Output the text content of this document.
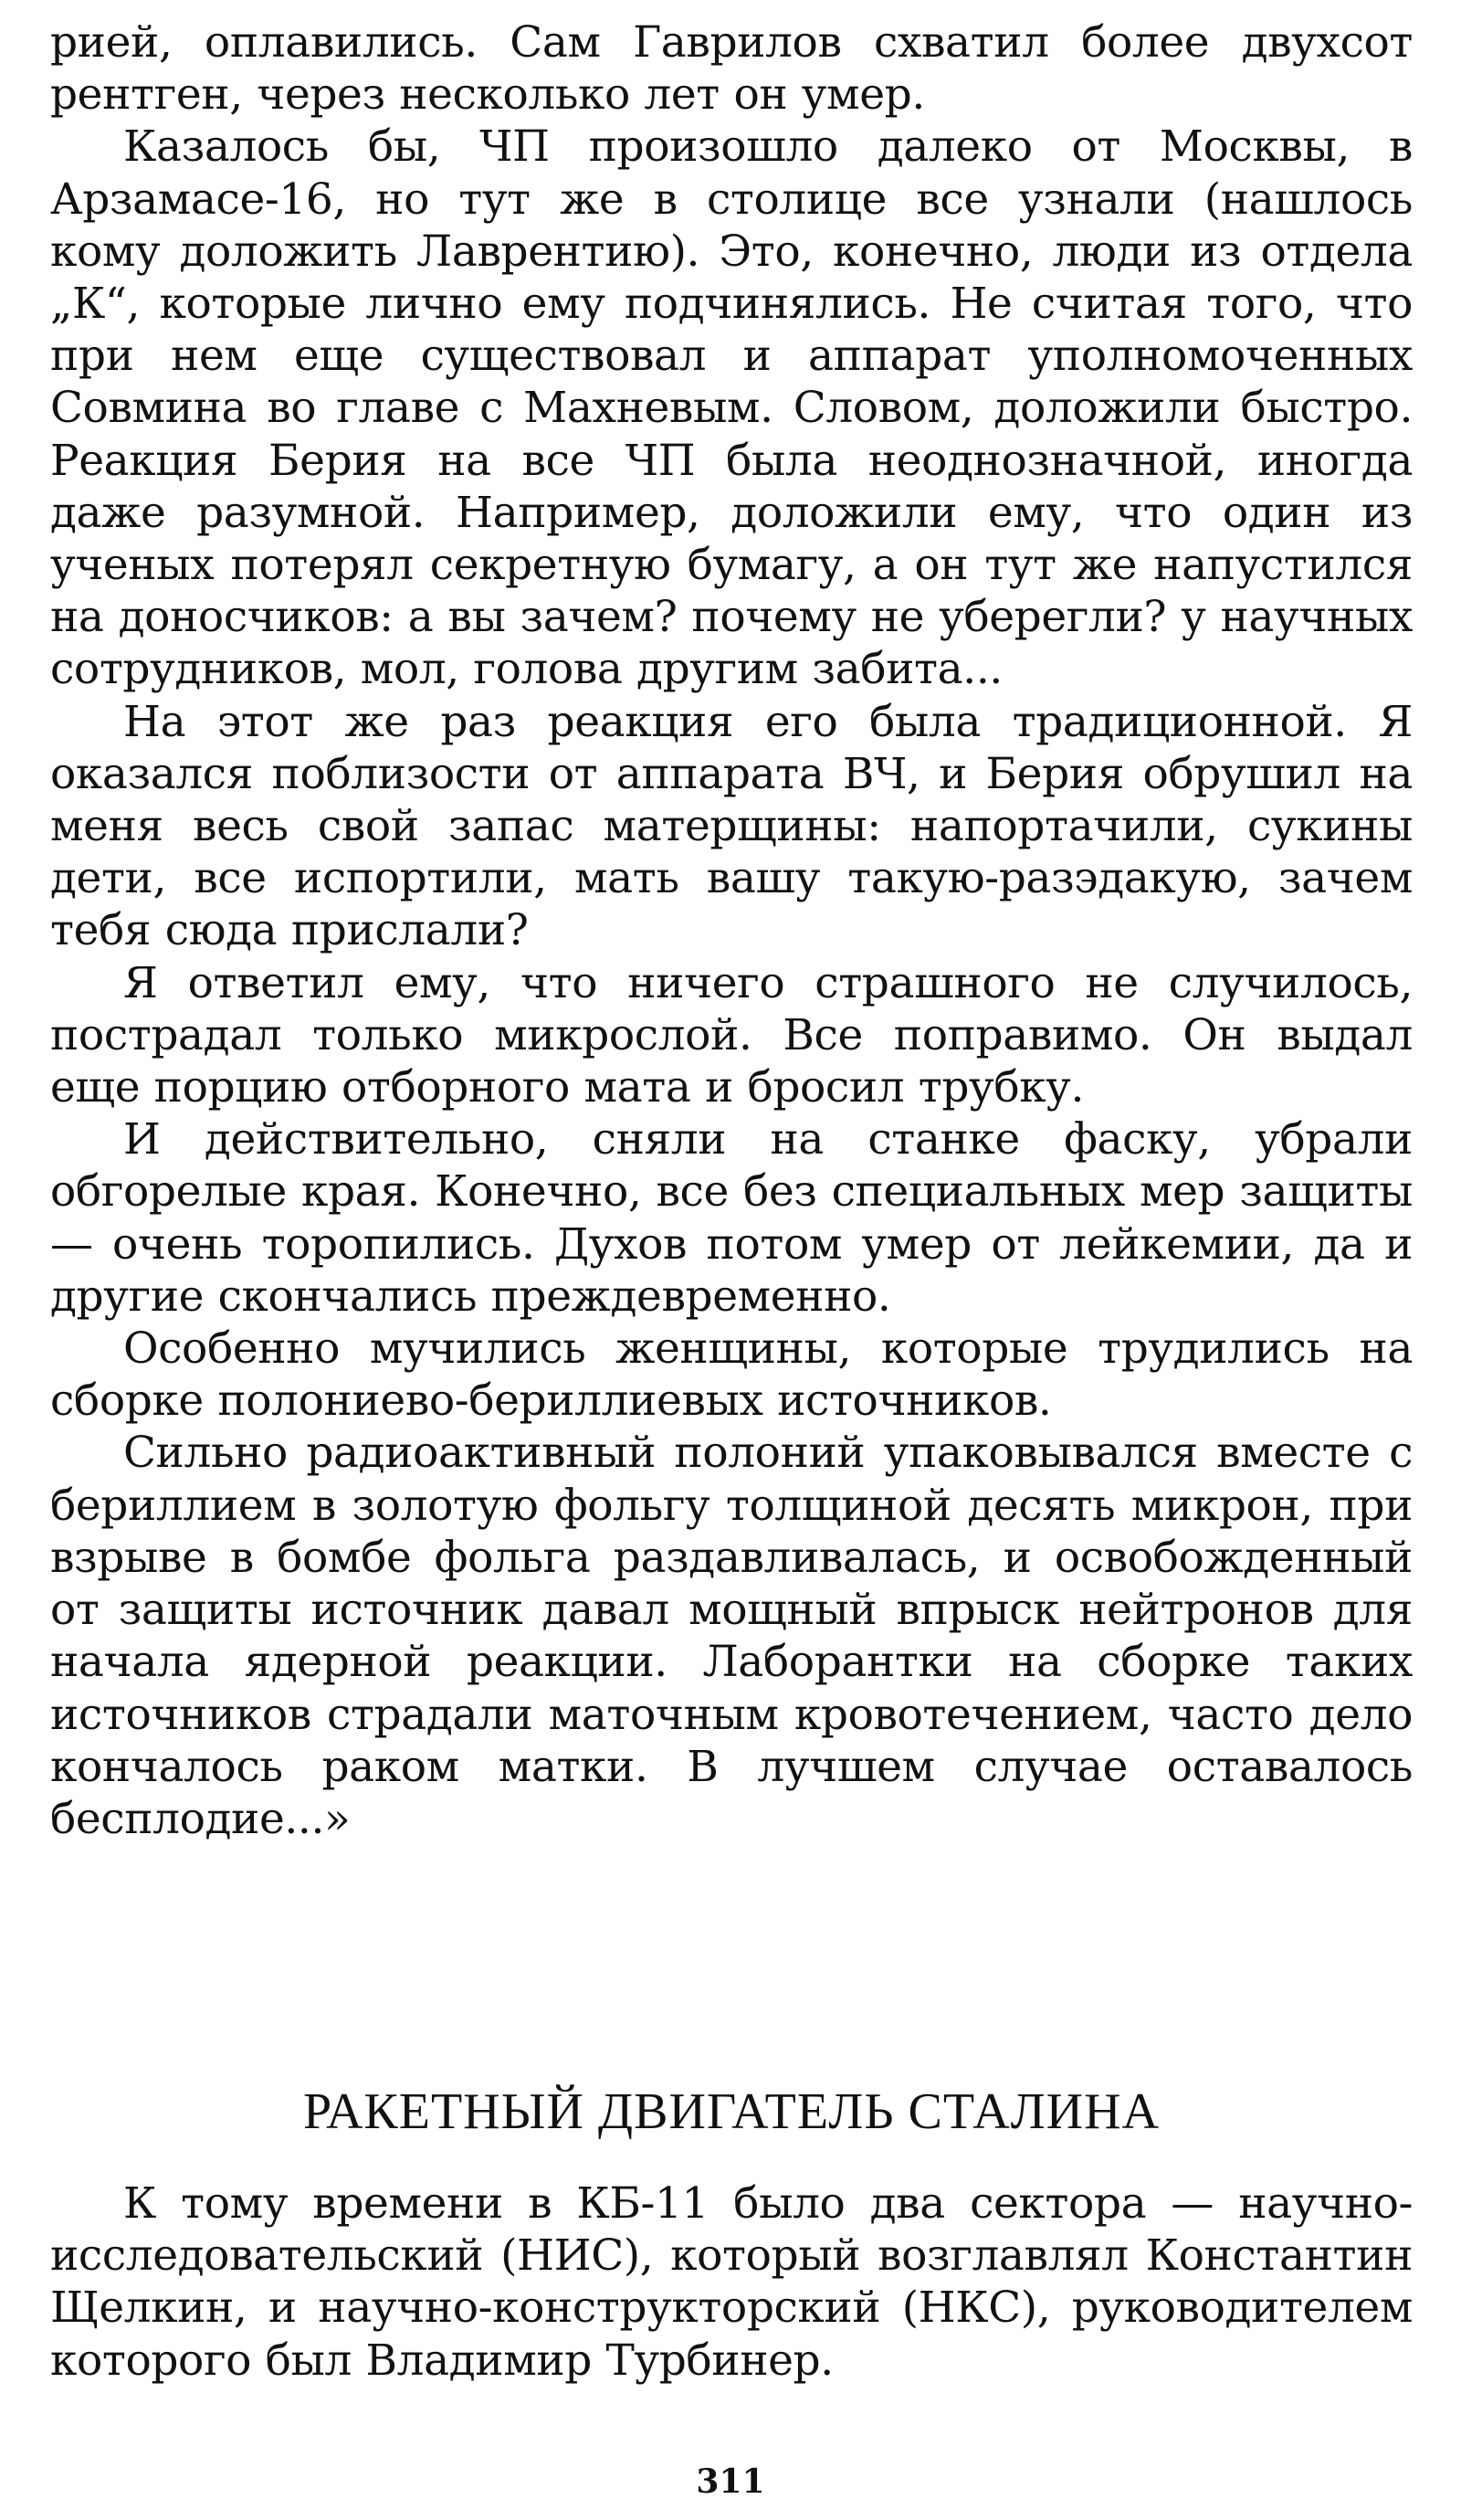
рией, оплавились. Сам Гаврилов схватил более двухсот рентген, через несколько лет он умер.

Казалось бы, ЧП произошло далеко от Москвы, в Арзамасе-16, но тут же в столице все узнали (нашлось кому доложить Лаврентию). Это, конечно, люди из отдела „К“, которые лично ему подчинялись. Не считая того, что при нем еще существовал и аппарат уполномоченных Совмина во главе с Махневым. Словом, доложили быстро. Реакция Берия на все ЧП была неоднозначной, иногда даже разумной. Например, доложили ему, что один из ученых потерял секретную бумагу, а он тут же напустился на доносчиков: а вы зачем? почему не уберегли? у научных сотрудников, мол, голова другим забита...

На этот же раз реакция его была традиционной. Я оказался поблизости от аппарата ВЧ, и Берия обрушил на меня весь свой запас матерщины: напортачили, сукины дети, все испортили, мать вашу такую-разэдакую, зачем тебя сюда прислали?

Я ответил ему, что ничего страшного не случилось, пострадал только микрослой. Все поправимо. Он выдал еще порцию отборного мата и бросил трубку.

И действительно, сняли на станке фаску, убрали обгорелые края. Конечно, все без специальных мер защиты — очень торопились. Духов потом умер от лейкемии, да и другие скончались преждевременно.

Особенно мучились женщины, которые трудились на сборке полониево-бериллиевых источников.

Сильно радиоактивный полоний упаковывался вместе с бериллием в золотую фольгу толщиной десять микрон, при взрыве в бомбе фольга раздавливалась, и освобожденный от защиты источник давал мощный впрыск нейтронов для начала ядерной реакции. Лаборантки на сборке таких источников страдали маточным кровотечением, часто дело кончалось раком матки. В лучшем случае оставалось бесплодие...»

РАКЕТНЫЙ ДВИГАТЕЛЬ СТАЛИНА

К тому времени в КБ-11 было два сектора — научно-исследовательский (НИС), который возглавлял Константин Щелкин, и научно-конструкторский (НКС), руководителем которого был Владимир Турбинер.

311
